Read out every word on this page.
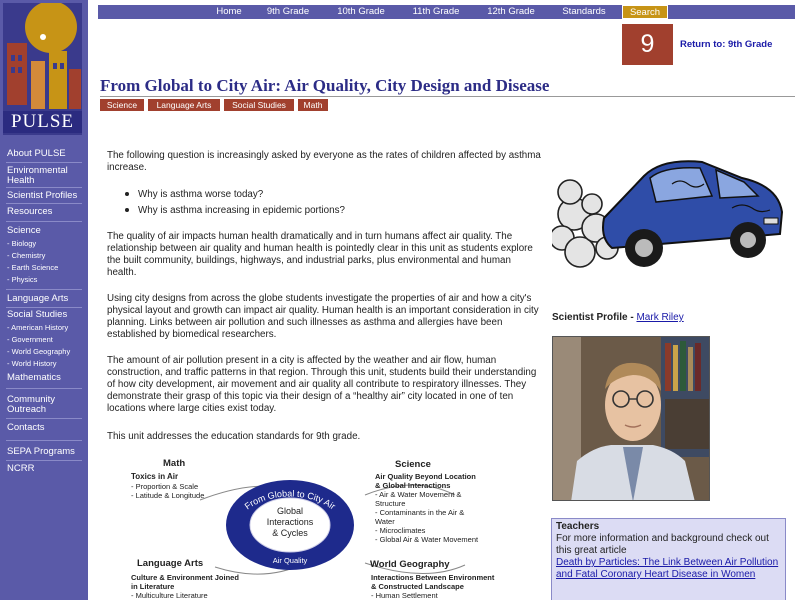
PULSE
About PULSE
Environmental Health
Scientist Profiles
Resources
Science
- Biology
- Chemistry
- Earth Science
- Physics
Language Arts
Social Studies
- American History
- Government
- World Geography
- World History
Mathematics
Community Outreach
Contacts
SEPA Programs
NCRR
Home	9th Grade	10th Grade	11th Grade	12th Grade	Standards	Search
9	Return to: 9th Grade
From Global to City Air: Air Quality, City Design and Disease
Science	Language Arts	Social Studies	Math
The following question is increasingly asked by everyone as the rates of children affected by asthma increase.
Why is asthma worse today?
Why is asthma increasing in epidemic portions?
The quality of air impacts human health dramatically and in turn humans affect air quality. The relationship between air quality and human health is pointedly clear in this unit as students explore the built community, buildings, highways, and industrial parks, plus environmental and human health.
Using city designs from across the globe students investigate the properties of air and how a city's physical layout and growth can impact air quality. Human health is an important consideration in city planning. Links between air pollution and such illnesses as asthma and allergies have been established by biomedical researchers.
The amount of air pollution present in a city is affected by the weather and air flow, human construction, and traffic patterns in that region. Through this unit, students build their understanding of how city development, air movement and air quality all contribute to respiratory illnesses. They demonstrate their grasp of this topic via their design of a “healthy air” city located in one of ten locations where large cities exist today.
This unit addresses the education standards for 9th grade.
Math
Toxics in Air
- Proportion & Scale
- Latitude & Longitude
Science
Air Quality Beyond Location
& Global Interactions
- Air & Water Movement &
Structure
- Contaminants in the Air &
Water
- Microclimates
- Global Air & Water Movement
From Global to City Air
Air Quality
Global
Interactions
& Cycles
Language Arts
Culture & Environment Joined
in Literature
- Multiculture Literature
World Geography
Interactions Between Environment
& Constructed Landscape
- Human Settlement
Scientist Profile - Mark Riley
Teachers
For more information and background check out this great article
Death by Particles: The Link Between Air Pollution and Fatal Coronary Heart Disease in Women
